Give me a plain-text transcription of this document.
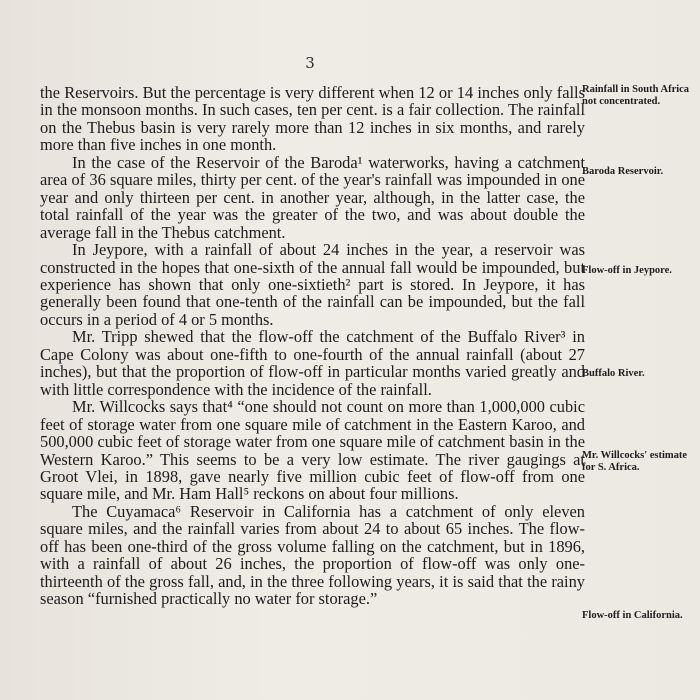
3

the Reservoirs. But the percentage is very different when 12 or 14 inches only falls in the monsoon months. In such cases, ten per cent. is a fair collection. The rainfall on the Thebus basin is very rarely more than 12 inches in six months, and rarely more than five inches in one month.

In the case of the Reservoir of the Baroda¹ waterworks, having a catchment area of 36 square miles, thirty per cent. of the year's rainfall was impounded in one year and only thirteen per cent. in another year, although, in the latter case, the total rainfall of the year was the greater of the two, and was about double the average fall in the Thebus catchment.

In Jeypore, with a rainfall of about 24 inches in the year, a reservoir was constructed in the hopes that one-sixth of the annual fall would be impounded, but experience has shown that only one-sixtieth² part is stored. In Jeypore, it has generally been found that one-tenth of the rainfall can be impounded, but the fall occurs in a period of 4 or 5 months.

Mr. Tripp shewed that the flow-off the catchment of the Buffalo River³ in Cape Colony was about one-fifth to one-fourth of the annual rainfall (about 27 inches), but that the proportion of flow-off in particular months varied greatly and with little correspondence with the incidence of the rainfall.

Mr. Willcocks says that⁴ “one should not count on more than 1,000,000 cubic feet of storage water from one square mile of catchment in the Eastern Karoo, and 500,000 cubic feet of storage water from one square mile of catchment basin in the Western Karoo.” This seems to be a very low estimate. The river gaugings at Groot Vlei, in 1898, gave nearly five million cubic feet of flow-off from one square mile, and Mr. Ham Hall⁵ reckons on about four millions.

The Cuyamaca⁶ Reservoir in California has a catchment of only eleven square miles, and the rainfall varies from about 24 to about 65 inches. The flow-off has been one-third of the gross volume falling on the catchment, but in 1896, with a rainfall of about 26 inches, the proportion of flow-off was only one-thirteenth of the gross fall, and, in the three following years, it is said that the rainy season “furnished practically no water for storage.”

Rainfall in South Africa not concentrated.
Baroda Reservoir.
Flow-off in Jeypore.
Buffalo River.
Mr. Willcocks' estimate for S. Africa.
Flow-off in California.
